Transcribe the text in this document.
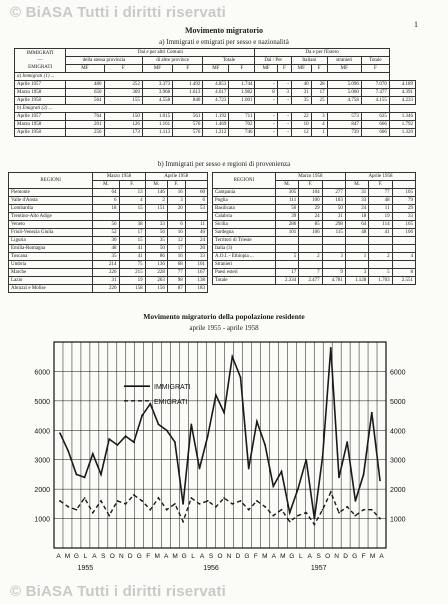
© BiASA Tutti i diritti riservati
1
Movimento migratorio
a) Immigrati e emigrati per sesso e nazionalità
IMMIGRATI
—
EMIGRATI	Dal e per altri Comuni						Da e per l'Estero						
	della stessa provincia		di altre province		Totale		Dal / Per		Italiani		stranieri	Totale	
	MF	F	MF	F	MF	F	MF	F	MF	F	MF	F	
a) Immigrati (1) ...													
Aprile 1957	480	252	3.373	1.492	4.853	1.744	-	-	40	28	5.096	7.070	4.189
Marzo 1958	650	369	3.968	1.613	4.617	1.982	8	3	31	17	5.060	7.477	4.391
Aprile 1958	564	155	4.558	846	4.723	1.001	-	-	35	25	4.758	4.155	4.233
b) Emigrati (2) ...													
Aprile 1957	764	150	1.015	561	1.192	711	-	-	22	3	573	625	1.346
Marzo 1958	201	126	1.161	576	1.469	702	-	-	10	4	847	666	1.792
Aprile 1958	256	173	1.113	576	1.212	746	-	-	12	1	739	606	1.320
b) Immigrati per sesso e regioni di provenienza
REGIONI	Marzo 1958		Aprile 1958		
	M.	F.	M.	F.	
Piemonte	64	13	146	16	60
Valle d'Aosta	6	4	2	3	6
Lombardia	18	15	151	20	53
Trentino-Alto Adige					
Veneto	56	38	33	6	11
Friuli-Venezia Giulia	52	17	56	16	40
Liguria	30	15	35	12	24
Emilia-Romagna	48	41	50	17	20
Toscana	35	41	86	16	33
Umbria	214	75	136	68	101
Marche	226	215	228	77	167
Lazio	31	19	203	98	138
Abruzzi e Molise	220	158	156	87	183
REGIONI	Marzo 1958			Aprile 1958		
	M.	F.		M.	F.	
Campania	305	104	277	31	77	105
Puglia	111	100	103	33	48	79
Basilicata	56	29	50	24	11	29
Calabria	39	24	31	18	19	33
Sicilia	286	85	298	64	114	165
Sardegna	101	106	115	48	41	106
Territori di Trieste						
Italia (3)						
A.O.I. - Ethiopia ...	5	2	3	1	2	4
Stranieri						
Paesi esteri	17	7	9	3	5	8
Totale	2.334	2.477	4.781	1.128	1.703	2.551
Movimento migratorio della popolazione residente
aprile 1955 - aprile 1958
1000
2000
3000
4000
5000
6000
1000
2000
3000
4000
5000
6000
A M G L A S O N D G F M A M G L A S O N D G F M A M G L A S O N D G F M A
1955	1956	1957
IMMIGRATI
EMIGRATI
© BiASA Tutti i diritti riservati
